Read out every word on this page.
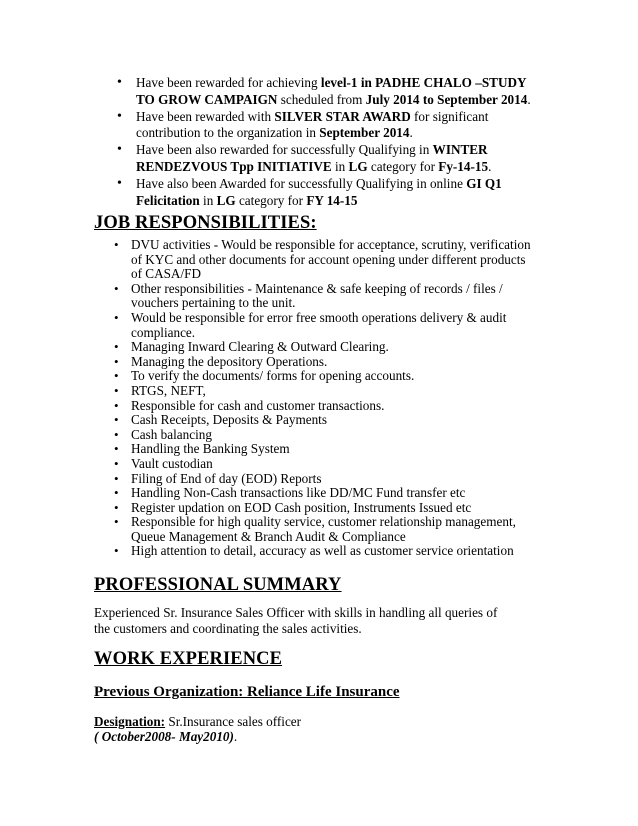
• Have been rewarded for achieving level-1 in PADHE CHALO –STUDY TO GROW CAMPAIGN scheduled from July 2014 to September 2014.
• Have been rewarded with SILVER STAR AWARD for significant contribution to the organization in September 2014.
• Have been also rewarded for successfully Qualifying in WINTER RENDEZVOUS Tpp INITIATIVE in LG category for Fy-14-15.
• Have also been Awarded for successfully Qualifying in online GI Q1 Felicitation in LG category for FY 14-15
JOB RESPONSIBILITIES:
• DVU activities - Would be responsible for acceptance, scrutiny, verification of KYC and other documents for account opening under different products of CASA/FD
• Other responsibilities - Maintenance & safe keeping of records / files / vouchers pertaining to the unit.
• Would be responsible for error free smooth operations delivery & audit compliance.
• Managing Inward Clearing & Outward Clearing.
• Managing the depository Operations.
• To verify the documents/ forms for opening accounts.
• RTGS, NEFT,
• Responsible for cash and customer transactions.
• Cash Receipts, Deposits & Payments
• Cash balancing
• Handling the Banking System
• Vault custodian
• Filing of End of day (EOD) Reports
• Handling Non-Cash transactions like DD/MC Fund transfer etc
• Register updation on EOD Cash position, Instruments Issued etc
• Responsible for high quality service, customer relationship management, Queue Management & Branch Audit & Compliance
• High attention to detail, accuracy as well as customer service orientation
PROFESSIONAL SUMMARY
Experienced Sr. Insurance Sales Officer with skills in handling all queries of the customers and coordinating the sales activities.
WORK EXPERIENCE
Previous Organization: Reliance Life Insurance
Designation: Sr.Insurance sales officer
( October2008- May2010).
